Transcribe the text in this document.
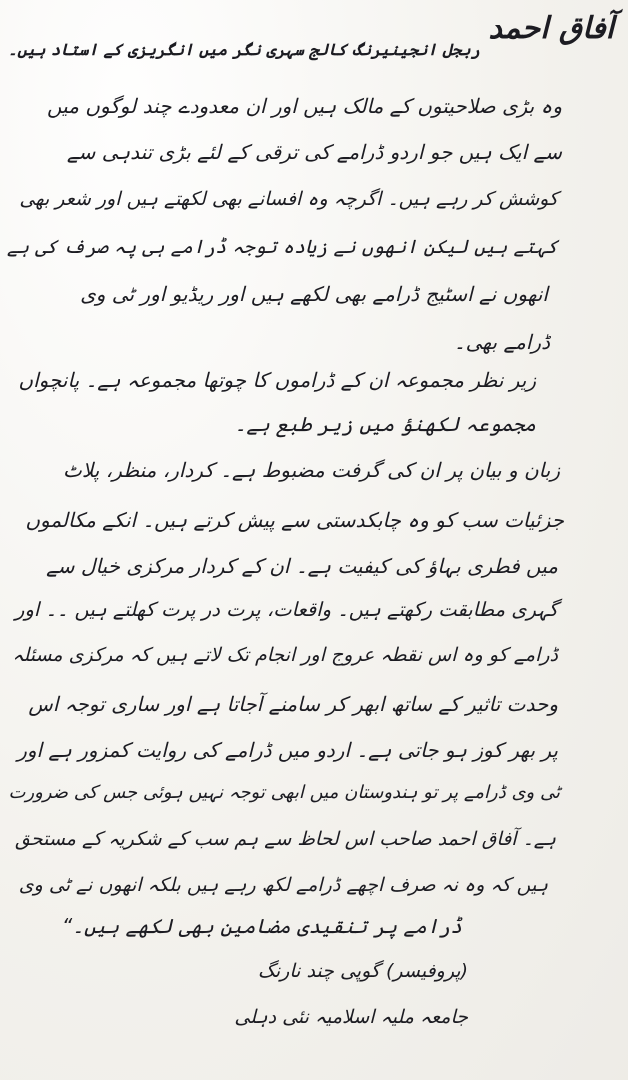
آفاق احمد
ربجل انجینیرنگ کالج سہری نگر میں انگریزی کے استاد ہیں۔
وہ بڑی صلاحیتوں کے مالک ہیں اور ان معدودے چند لوگوں میں
سے ایک ہیں جو اردو ڈرامے کی ترقی کے لئے بڑی تندہی سے
کوشش کر رہے ہیں۔ اگرچہ وہ افسانے بھی لکھتے ہیں اور شعر بھی
کہتے ہیں لیکن انھوں نے زیادہ توجہ ڈرامے ہی پہ صرف کی ہے
انھوں نے اسٹیج ڈرامے بھی لکھے ہیں اور ریڈیو اور ٹی وی
ڈرامے بھی۔
زیر نظر مجموعہ ان کے ڈراموں کا چوتھا مجموعہ ہے۔ پانچواں
مجموعہ لکھنؤ میں زیر طبع ہے۔
زبان و بیان پر ان کی گرفت مضبوط ہے۔ کردار، منظر، پلاٹ
جزئیات سب کو وہ چابکدستی سے پیش کرتے ہیں۔ انکے مکالموں
میں فطری بہاؤ کی کیفیت ہے۔ ان کے کردار مرکزی خیال سے
گہری مطابقت رکھتے ہیں۔ واقعات، پرت در پرت کھلتے ہیں ۔۔ اور
ڈرامے کو وہ اس نقطہ عروج اور انجام تک لاتے ہیں کہ مرکزی مسئلہ
وحدت تاثیر کے ساتھ ابھر کر سامنے آجاتا ہے اور ساری توجہ اس
پر بھر کوز ہو جاتی ہے۔ اردو میں ڈرامے کی روایت کمزور ہے اور
ٹی وی ڈرامے پر تو ہندوستان میں ابھی توجہ نہیں ہوئی جس کی ضرورت
ہے۔ آفاق احمد صاحب اس لحاظ سے ہم سب کے شکریہ کے مستحق
ہیں کہ وہ نہ صرف اچھے ڈرامے لکھ رہے ہیں بلکہ انھوں نے ٹی وی
ڈرامے پر تنقیدی مضامین بھی لکھے ہیں۔“
(پروفیسر) گوپی چند نارنگ
جامعہ ملیہ اسلامیہ نئی دہلی
